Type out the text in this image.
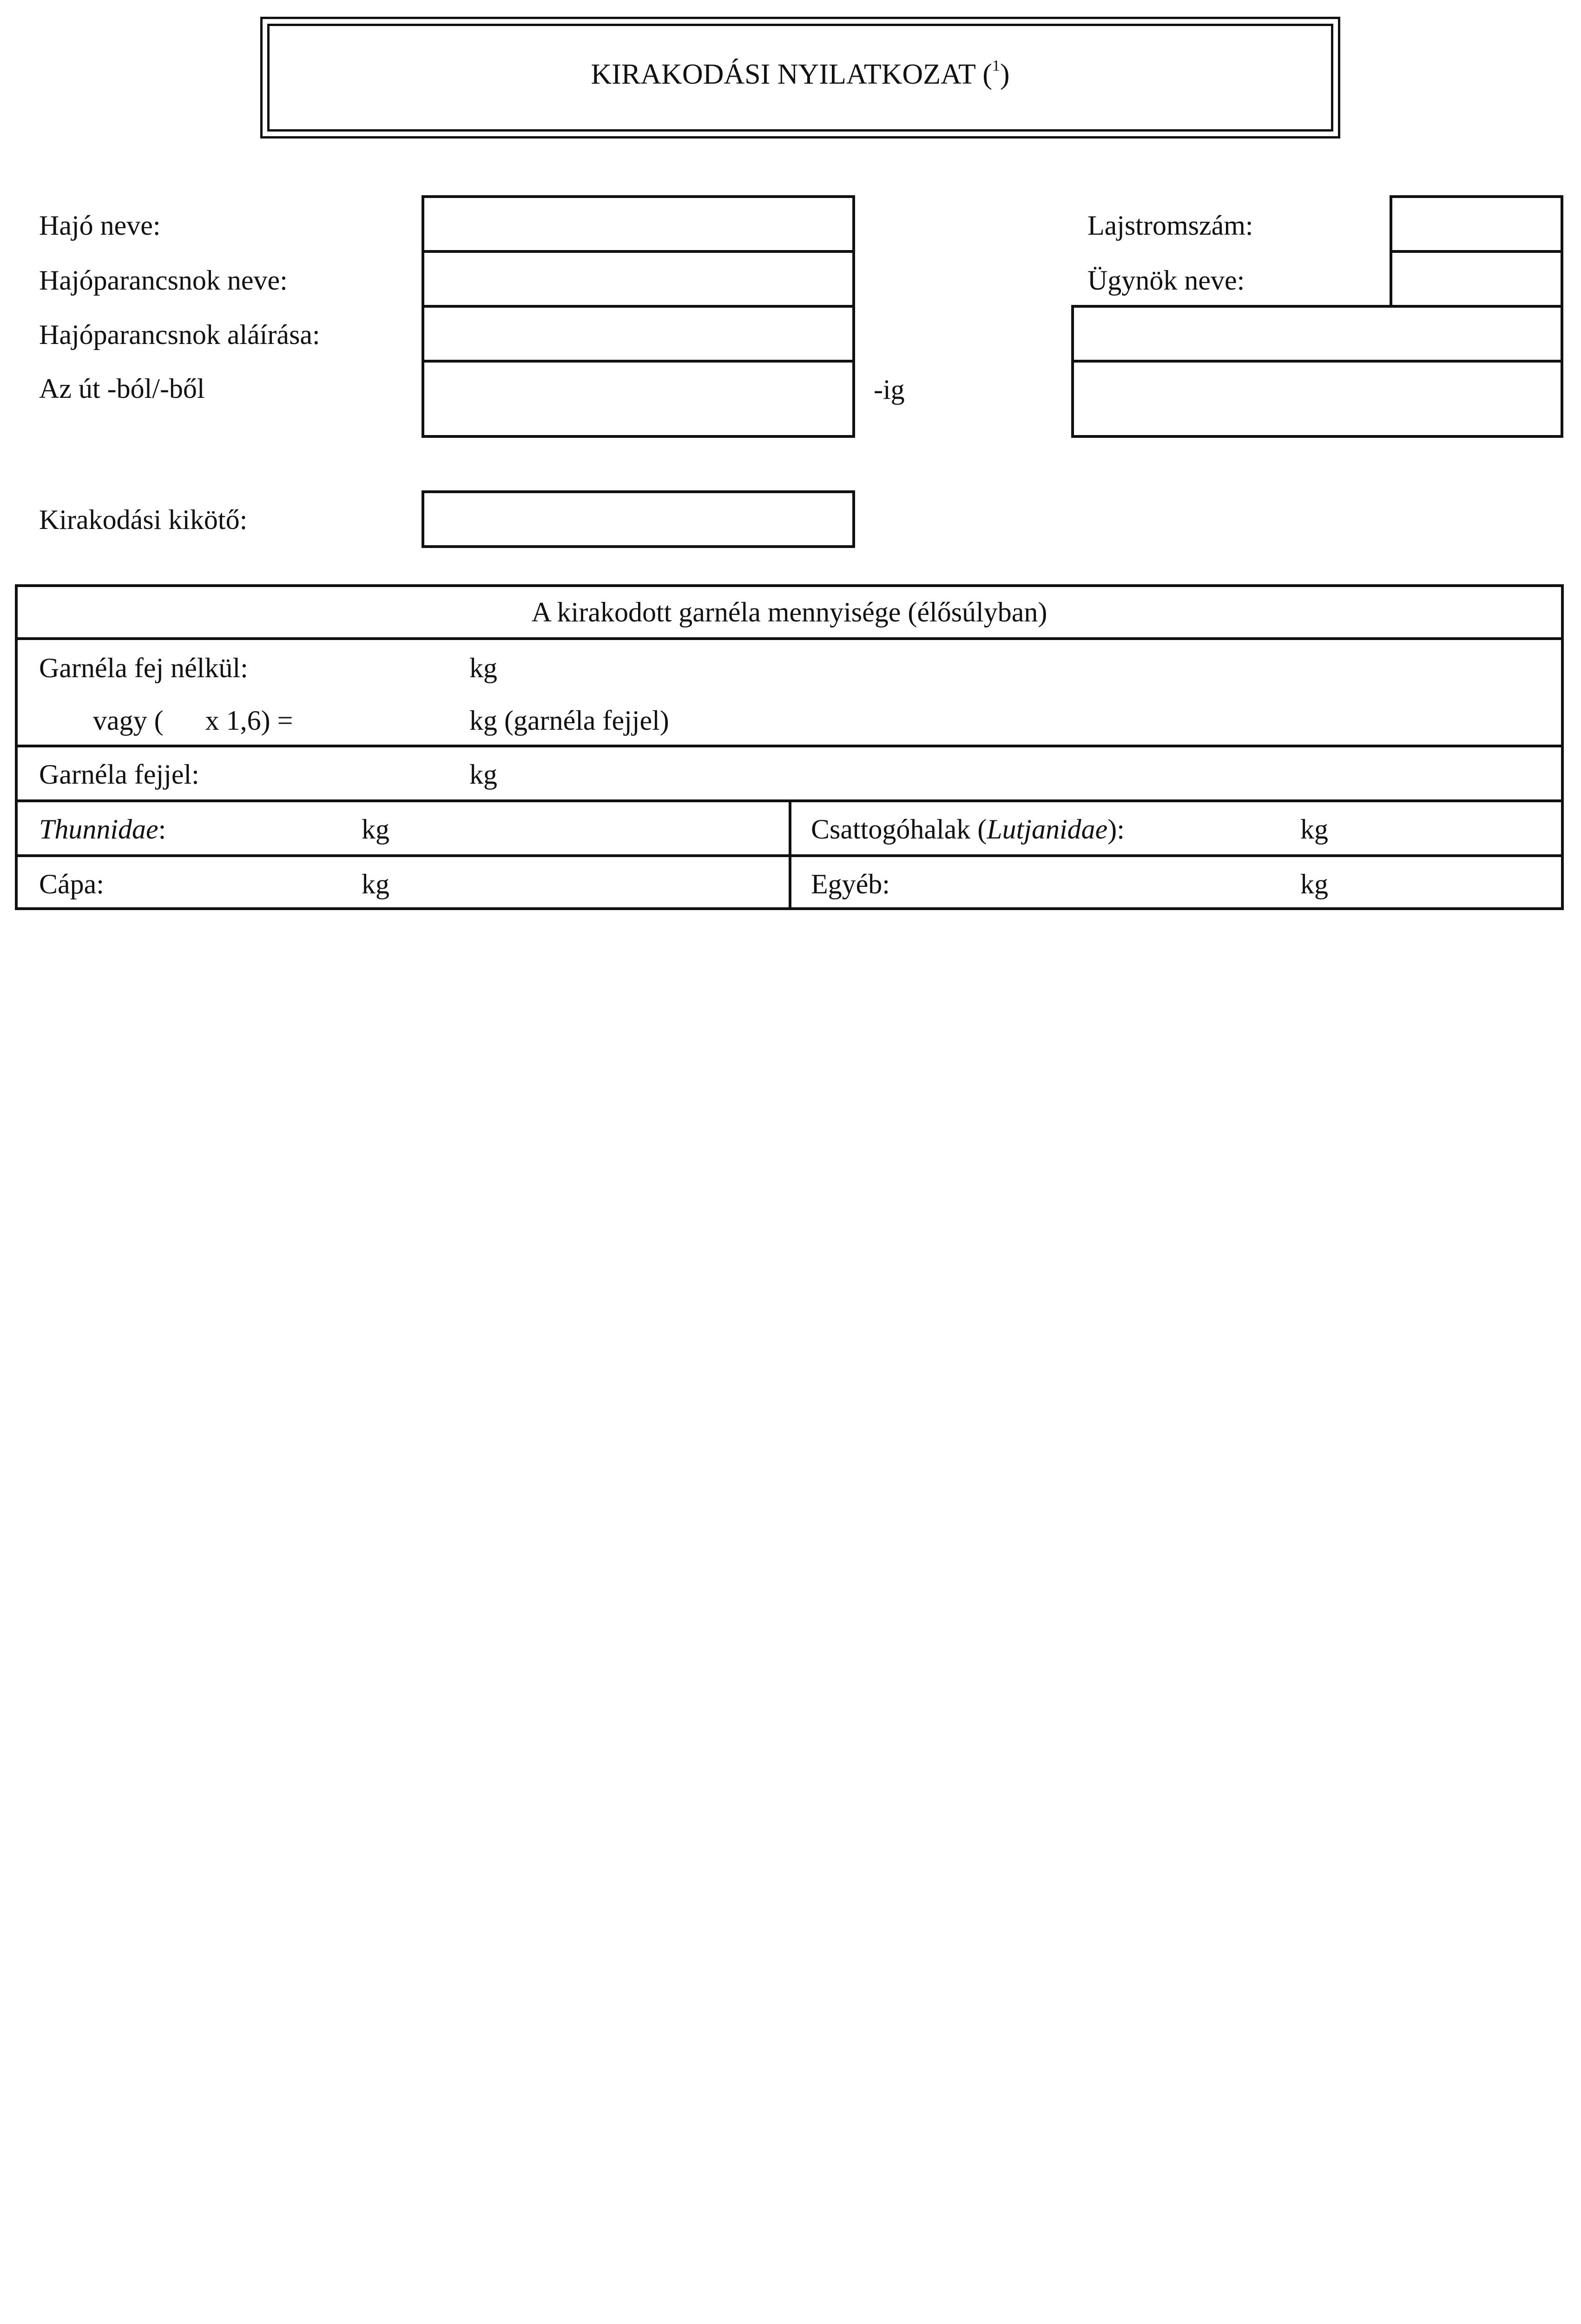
KIRAKODÁSI NYILATKOZAT ($^1$)
Hajó neve:
Hajóparancsnok neve:
Hajóparancsnok aláírása:
Az út -ból/-ből	-ig
Lajstromszám:
Ügynök neve:
Kirakodási kikötő:
A kirakodott garnéla mennyisége (élősúlyban)
Garnéla fej nélkül:	kg
vagy (      x 1,6) =	kg (garnéla fejjel)
Garnéla fejjel:	kg
Thunnidae:	kg	Csattogóhalak (Lutjanidae):	kg
Cápa:	kg	Egyéb:	kg
